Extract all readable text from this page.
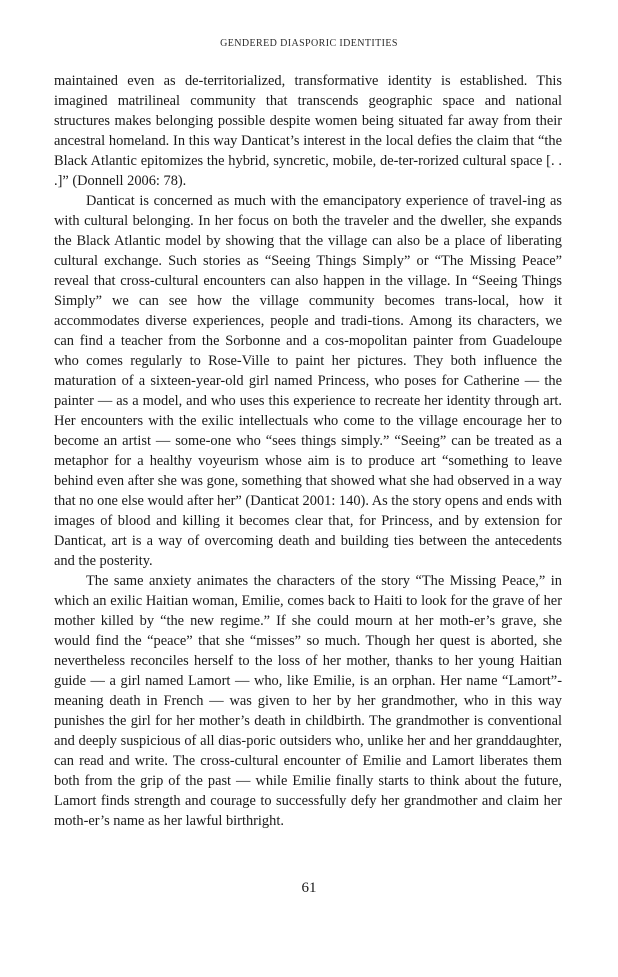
GENDERED DIASPORIC IDENTITIES

maintained even as de-territorialized, transformative identity is established. This imagined matrilineal community that transcends geographic space and national structures makes belonging possible despite women being situated far away from their ancestral homeland. In this way Danticat’s interest in the local defies the claim that “the Black Atlantic epitomizes the hybrid, syncretic, mobile, de-ter-rorized cultural space [. . .]” (Donnell 2006: 78).

Danticat is concerned as much with the emancipatory experience of travel-ing as with cultural belonging. In her focus on both the traveler and the dweller, she expands the Black Atlantic model by showing that the village can also be a place of liberating cultural exchange. Such stories as “Seeing Things Simply” or “The Missing Peace” reveal that cross-cultural encounters can also happen in the village. In “Seeing Things Simply” we can see how the village community becomes trans-local, how it accommodates diverse experiences, people and tradi-tions. Among its characters, we can find a teacher from the Sorbonne and a cos-mopolitan painter from Guadeloupe who comes regularly to Rose-Ville to paint her pictures. They both influence the maturation of a sixteen-year-old girl named Princess, who poses for Catherine — the painter — as a model, and who uses this experience to recreate her identity through art. Her encounters with the exilic intellectuals who come to the village encourage her to become an artist — some-one who “sees things simply.” “Seeing” can be treated as a metaphor for a healthy voyeurism whose aim is to produce art “something to leave behind even after she was gone, something that showed what she had observed in a way that no one else would after her” (Danticat 2001: 140). As the story opens and ends with images of blood and killing it becomes clear that, for Princess, and by extension for Danticat, art is a way of overcoming death and building ties between the antecedents and the posterity.

The same anxiety animates the characters of the story “The Missing Peace,” in which an exilic Haitian woman, Emilie, comes back to Haiti to look for the grave of her mother killed by “the new regime.” If she could mourn at her moth-er’s grave, she would find the “peace” that she “misses” so much. Though her quest is aborted, she nevertheless reconciles herself to the loss of her mother, thanks to her young Haitian guide — a girl named Lamort — who, like Emilie, is an orphan. Her name “Lamort”- meaning death in French — was given to her by her grandmother, who in this way punishes the girl for her mother’s death in childbirth. The grandmother is conventional and deeply suspicious of all dias-poric outsiders who, unlike her and her granddaughter, can read and write. The cross-cultural encounter of Emilie and Lamort liberates them both from the grip of the past — while Emilie finally starts to think about the future, Lamort finds strength and courage to successfully defy her grandmother and claim her moth-er’s name as her lawful birthright.

61
